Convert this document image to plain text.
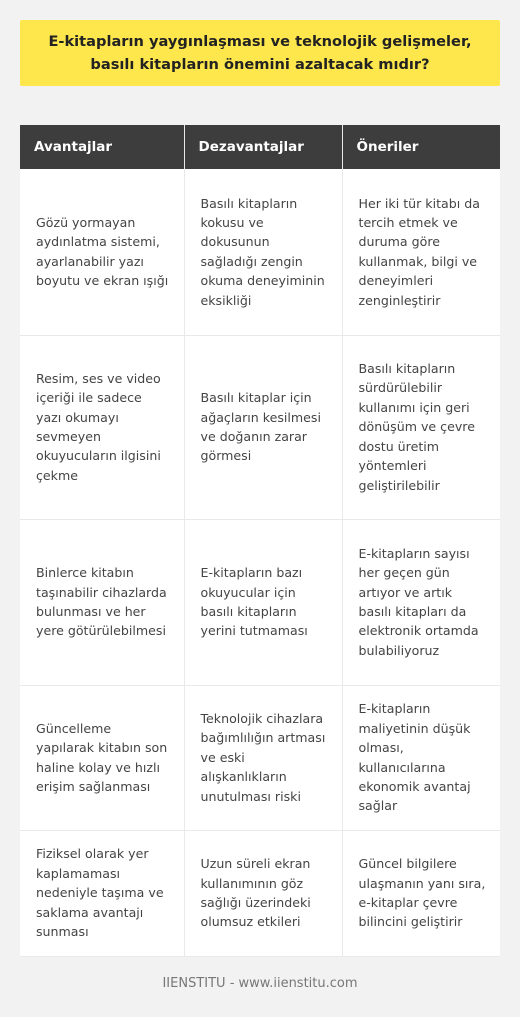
E-kitapların yaygınlaşması ve teknolojik gelişmeler, basılı kitapların önemini azaltacak mıdır?
Avantajlar	Dezavantajlar	Öneriler
Gözü yormayan aydınlatma sistemi, ayarlanabilir yazı boyutu ve ekran ışığı	Basılı kitapların kokusu ve dokusunun sağladığı zengin okuma deneyiminin eksikliği	Her iki tür kitabı da tercih etmek ve duruma göre kullanmak, bilgi ve deneyimleri zenginleştirir
Resim, ses ve video içeriği ile sadece yazı okumayı sevmeyen okuyucuların ilgisini çekme	Basılı kitaplar için ağaçların kesilmesi ve doğanın zarar görmesi	Basılı kitapların sürdürülebilir kullanımı için geri dönüşüm ve çevre dostu üretim yöntemleri geliştirilebilir
Binlerce kitabın taşınabilir cihazlarda bulunması ve her yere götürülebilmesi	E-kitapların bazı okuyucular için basılı kitapların yerini tutmaması	E-kitapların sayısı her geçen gün artıyor ve artık basılı kitapları da elektronik ortamda bulabiliyoruz
Güncelleme yapılarak kitabın son haline kolay ve hızlı erişim sağlanması	Teknolojik cihazlara bağımlılığın artması ve eski alışkanlıkların unutulması riski	E-kitapların maliyetinin düşük olması, kullanıcılarına ekonomik avantaj sağlar
Fiziksel olarak yer kaplamaması nedeniyle taşıma ve saklama avantajı sunması	Uzun süreli ekran kullanımının göz sağlığı üzerindeki olumsuz etkileri	Güncel bilgilere ulaşmanın yanı sıra, e-kitaplar çevre bilincini geliştirir
IIENSTITU - www.iienstitu.com
